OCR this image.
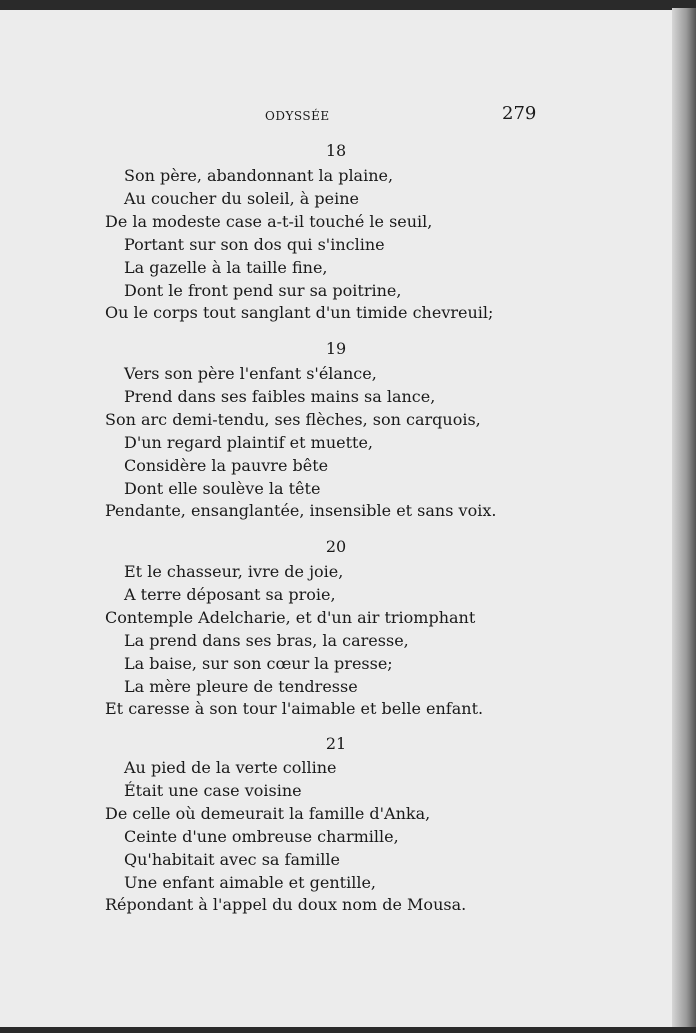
ODYSSÉE	279
18
Son père, abandonnant la plaine,
Au coucher du soleil, à peine
De la modeste case a-t-il touché le seuil,
Portant sur son dos qui s'incline
La gazelle à la taille fine,
Dont le front pend sur sa poitrine,
Ou le corps tout sanglant d'un timide chevreuil;
19
Vers son père l'enfant s'élance,
Prend dans ses faibles mains sa lance,
Son arc demi-tendu, ses flèches, son carquois,
D'un regard plaintif et muette,
Considère la pauvre bête
Dont elle soulève la tête
Pendante, ensanglantée, insensible et sans voix.
20
Et le chasseur, ivre de joie,
A terre déposant sa proie,
Contemple Adelcharie, et d'un air triomphant
La prend dans ses bras, la caresse,
La baise, sur son cœur la presse;
La mère pleure de tendresse
Et caresse à son tour l'aimable et belle enfant.
21
Au pied de la verte colline
Était une case voisine
De celle où demeurait la famille d'Anka,
Ceinte d'une ombreuse charmille,
Qu'habitait avec sa famille
Une enfant aimable et gentille,
Répondant à l'appel du doux nom de Mousa.
